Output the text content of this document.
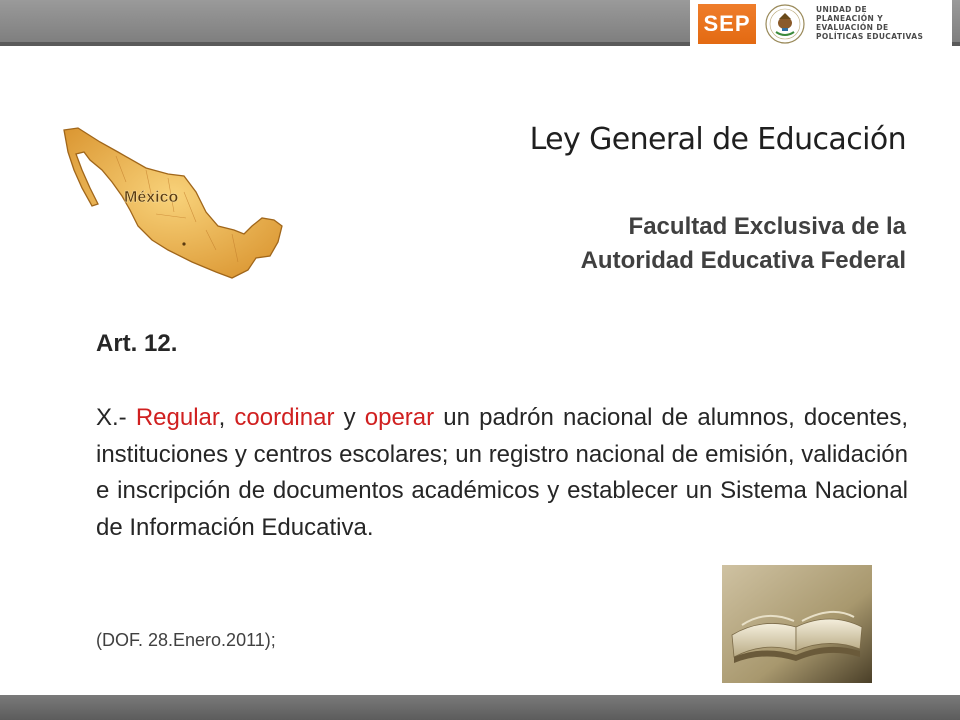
SEP
UNIDAD DE
PLANEACIÓN Y
EVALUACIÓN DE
POLÍTICAS EDUCATIVAS
México
Ley General de Educación
Facultad Exclusiva de la
Autoridad Educativa Federal
Art. 12.
X.- Regular, coordinar y operar un padrón nacional de alumnos, docentes, instituciones y centros escolares; un registro nacional de emisión, validación e inscripción de documentos académicos y establecer un Sistema Nacional de Información Educativa.
(DOF. 28.Enero.2011);
